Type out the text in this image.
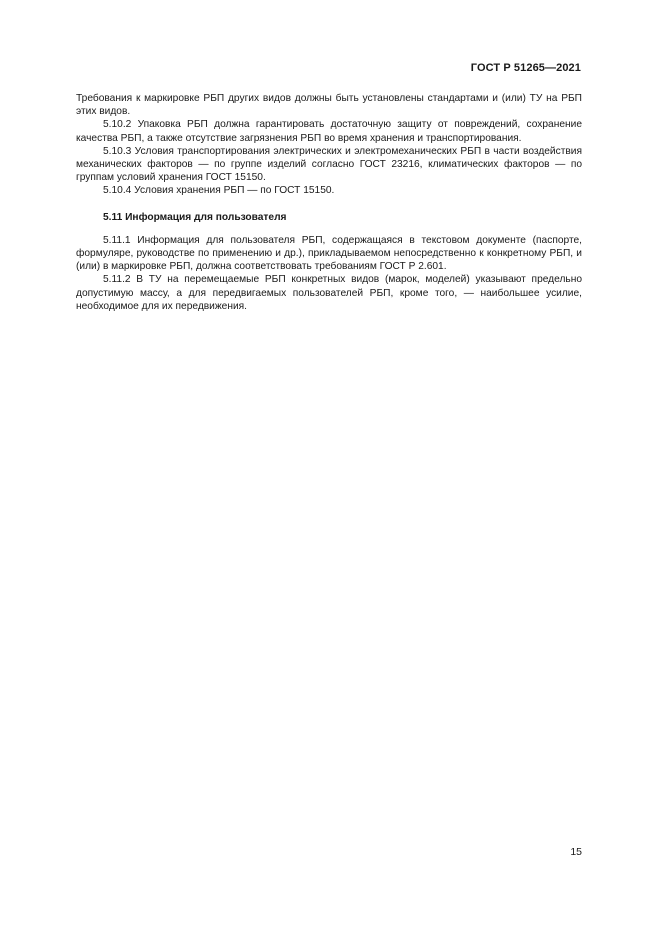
ГОСТ Р 51265—2021

Требования к маркировке РБП других видов должны быть установлены стандартами и (или) ТУ на РБП этих видов.

5.10.2 Упаковка РБП должна гарантировать достаточную защиту от повреждений, сохранение качества РБП, а также отсутствие загрязнения РБП во время хранения и транспортирования.

5.10.3 Условия транспортирования электрических и электромеханических РБП в части воздействия механических факторов — по группе изделий согласно ГОСТ 23216, климатических факторов — по группам условий хранения ГОСТ 15150.

5.10.4 Условия хранения РБП — по ГОСТ 15150.

5.11 Информация для пользователя

5.11.1 Информация для пользователя РБП, содержащаяся в текстовом документе (паспорте, формуляре, руководстве по применению и др.), прикладываемом непосредственно к конкретному РБП, и (или) в маркировке РБП, должна соответствовать требованиям ГОСТ Р 2.601.

5.11.2 В ТУ на перемещаемые РБП конкретных видов (марок, моделей) указывают предельно допустимую массу, а для передвигаемых пользователей РБП, кроме того, — наибольшее усилие, необходимое для их передвижения.

15
